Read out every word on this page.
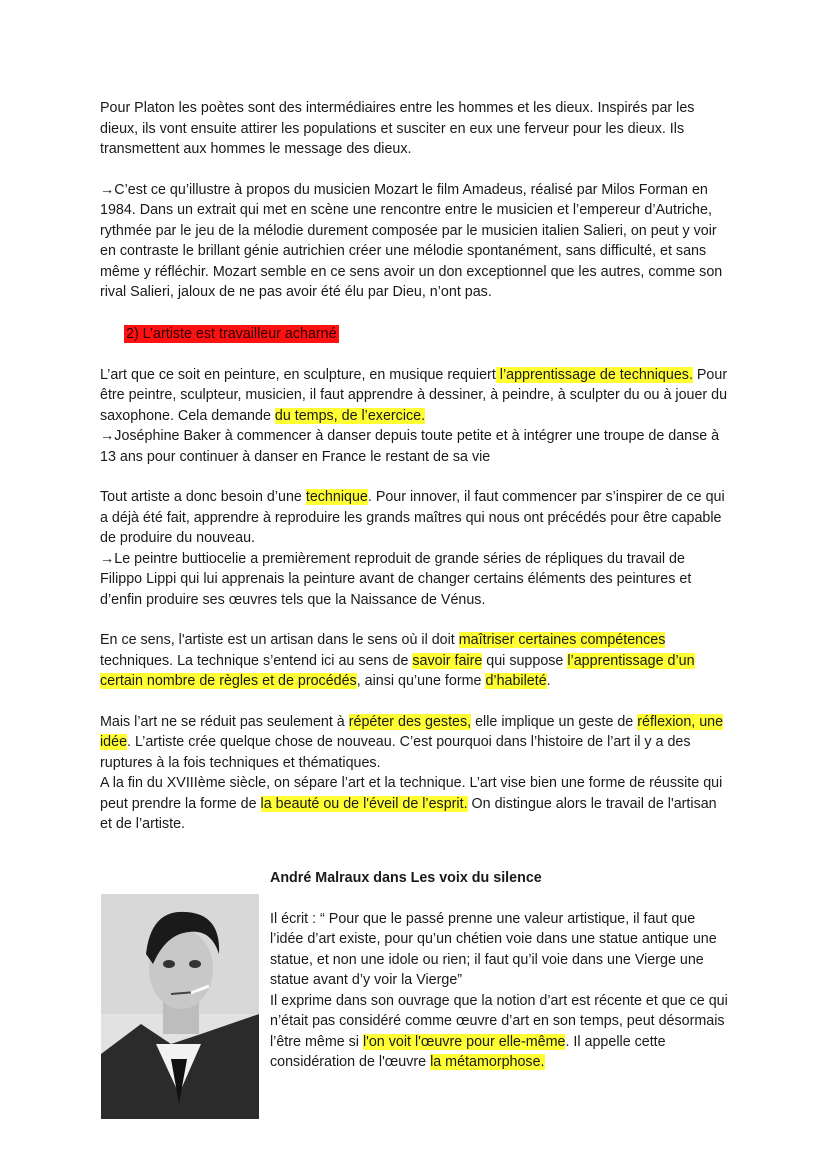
Pour Platon les poètes sont des intermédiaires entre les hommes et les dieux. Inspirés par les dieux, ils vont ensuite attirer les populations et susciter en eux une ferveur pour les dieux. Ils transmettent aux hommes le message des dieux.

→C’est ce qu’illustre à propos du musicien Mozart le film Amadeus, réalisé par Milos Forman en 1984. Dans un extrait qui met en scène une rencontre entre le musicien et l’empereur d’Autriche, rythmée par le jeu de la mélodie durement composée par le musicien italien Salieri, on peut y voir en contraste le brillant génie autrichien créer une mélodie spontanément, sans difficulté, et sans même y réfléchir. Mozart semble en ce sens avoir un don exceptionnel que les autres, comme son rival Salieri, jaloux de ne pas avoir été élu par Dieu, n’ont pas.

2) L’artiste est travailleur acharné

L’art que ce soit en peinture, en sculpture, en musique requiert l’apprentissage de techniques. Pour être peintre, sculpteur, musicien, il faut apprendre à dessiner, à peindre, à sculpter du ou à jouer du saxophone. Cela demande du temps, de l’exercice.

→Joséphine Baker à commencer à danser depuis toute petite et à intégrer une troupe de danse à 13 ans pour continuer à danser en France le restant de sa vie

Tout artiste a donc besoin d’une technique. Pour innover, il faut commencer par s’inspirer de ce qui a déjà été fait, apprendre à reproduire les grands maîtres qui nous ont précédés pour être capable de produire du nouveau.

→Le peintre buttiocelie a premièrement reproduit de grande séries de répliques du travail de Filippo Lippi qui lui apprenais la peinture avant de changer certains éléments des peintures et d’enfin produire ses œuvres tels que la Naissance de Vénus.

En ce sens, l'artiste est un artisan dans le sens où il doit maîtriser certaines compétences techniques. La technique s’entend ici au sens de savoir faire qui suppose l’apprentissage d’un certain nombre de règles et de procédés, ainsi qu’une forme d’habileté.

Mais l’art ne se réduit pas seulement à répéter des gestes, elle implique un geste de réflexion, une idée. L’artiste crée quelque chose de nouveau. C’est pourquoi dans l’histoire de l’art il y a des ruptures à la fois techniques et thématiques.

A la fin du XVIIIème siècle, on sépare l’art et la technique. L’art vise bien une forme de réussite qui peut prendre la forme de la beauté ou de l'éveil de l’esprit. On distingue alors le travail de l'artisan et de l’artiste.

André Malraux dans Les voix du silence

Il écrit : “ Pour que le passé prenne une valeur artistique, il faut que l’idée d’art existe, pour qu’un chétien voie dans une statue antique une statue, et non une idole ou rien; il faut qu’il voie dans une Vierge une statue avant d’y voir la Vierge”

Il exprime dans son ouvrage que la notion d’art est récente et que ce qui n’était pas considéré comme œuvre d’art en son temps, peut désormais l’être même si l'on voit l'œuvre pour elle-même. Il appelle cette considération de l'œuvre la métamorphose.
